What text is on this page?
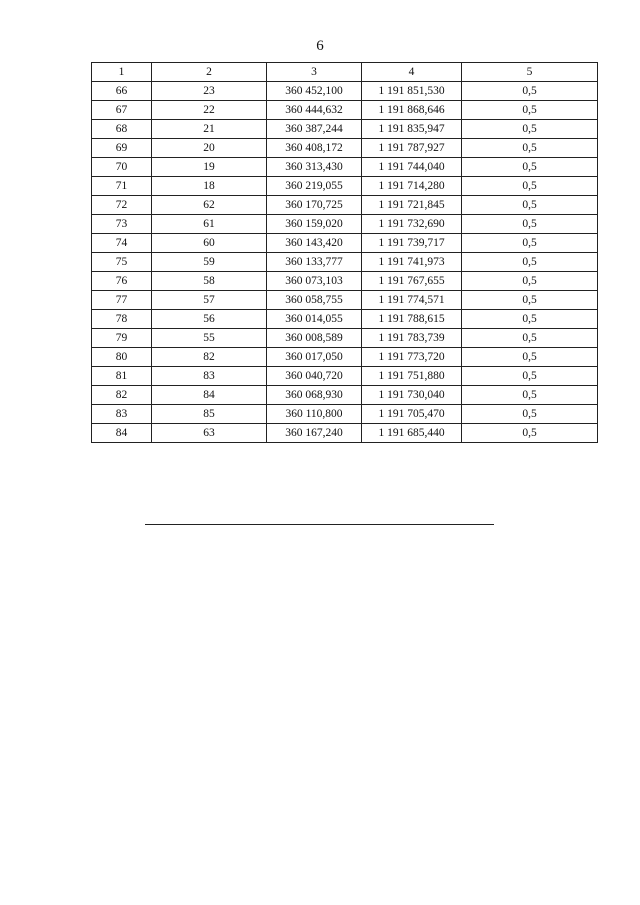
6
1	2	3	4	5
66	23	360 452,100	1 191 851,530	0,5
67	22	360 444,632	1 191 868,646	0,5
68	21	360 387,244	1 191 835,947	0,5
69	20	360 408,172	1 191 787,927	0,5
70	19	360 313,430	1 191 744,040	0,5
71	18	360 219,055	1 191 714,280	0,5
72	62	360 170,725	1 191 721,845	0,5
73	61	360 159,020	1 191 732,690	0,5
74	60	360 143,420	1 191 739,717	0,5
75	59	360 133,777	1 191 741,973	0,5
76	58	360 073,103	1 191 767,655	0,5
77	57	360 058,755	1 191 774,571	0,5
78	56	360 014,055	1 191 788,615	0,5
79	55	360 008,589	1 191 783,739	0,5
80	82	360 017,050	1 191 773,720	0,5
81	83	360 040,720	1 191 751,880	0,5
82	84	360 068,930	1 191 730,040	0,5
83	85	360 110,800	1 191 705,470	0,5
84	63	360 167,240	1 191 685,440	0,5
